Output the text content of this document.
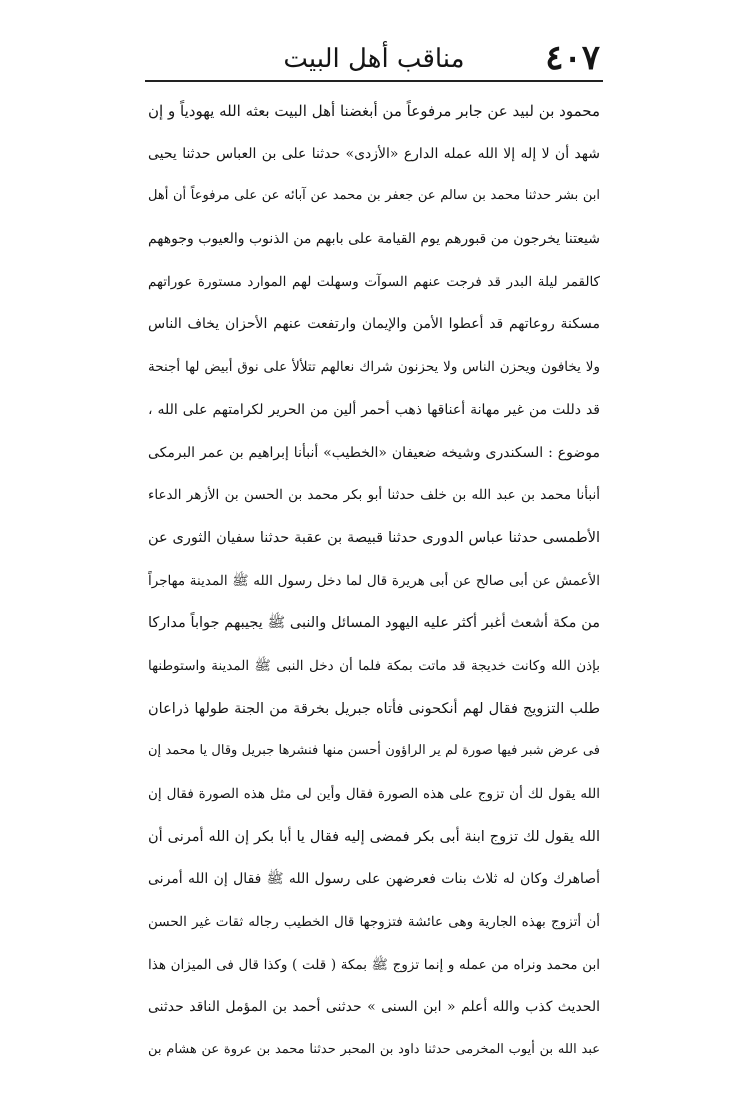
٤٠٧
مناقب أهل البيت
محمود بن لبيد عن جابر مرفوعاً من أبغضنا أهل البيت بعثه الله يهودياً و إن
شهد أن لا إله إلا الله عمله الدارع «الأزدى» حدثنا على بن العباس حدثنا يحيى
ابن بشر حدثنا محمد بن سالم عن جعفر بن محمد عن آبائه عن على مرفوعاً أن أهل
شيعتنا يخرجون من قبورهم يوم القيامة على بابهم من الذنوب والعيوب وجوههم
كالقمر ليلة البدر قد فرجت عنهم السوآت وسهلت لهم الموارد مستورة عوراتهم
مسكنة روعاتهم قد أعطوا الأمن والإيمان وارتفعت عنهم الأحزان يخاف الناس
ولا يخافون ويحزن الناس ولا يحزنون شراك نعالهم تتلألأ على نوق أبيض لها أجنحة
قد دللت من غير مهانة أعناقها ذهب أحمر ألين من الحرير لكرامتهم على الله ،
موضوع : السكندرى وشيخه ضعيفان «الخطيب» أنبأنا إبراهيم بن عمر البرمكى
أنبأنا محمد بن عبد الله بن خلف حدثنا أبو بكر محمد بن الحسن بن الأزهر الدعاء
الأطمسى حدثنا عباس الدورى حدثنا قبيصة بن عقبة حدثنا سفيان الثورى عن
الأعمش عن أبى صالح عن أبى هريرة قال لما دخل رسول الله ﷺ المدينة مهاجراً
من مكة أشعث أغبر أكثر عليه اليهود المسائل والنبى ﷺ يجيبهم جواباً مداركا
بإذن الله وكانت خديجة قد ماتت بمكة فلما أن دخل النبى ﷺ المدينة واستوطنها
طلب التزويج فقال لهم أنكحونى فأتاه جبريل بخرقة من الجنة طولها ذراعان
فى عرض شبر فيها صورة لم ير الراؤون أحسن منها فنشرها جبريل وقال يا محمد إن
الله يقول لك أن تزوج على هذه الصورة فقال وأين لى مثل هذه الصورة فقال إن
الله يقول لك تزوج ابنة أبى بكر فمضى إليه فقال يا أبا بكر إن الله أمرنى أن
أصاهرك وكان له ثلاث بنات فعرضهن على رسول الله ﷺ فقال إن الله أمرنى
أن أتزوج بهذه الجارية وهى عائشة فتزوجها قال الخطيب رجاله ثقات غير الحسن
ابن محمد ونراه من عمله و إنما تزوج ﷺ بمكة ( قلت ) وكذا قال فى الميزان هذا
الحديث كذب والله أعلم « ابن السنى » حدثنى أحمد بن المؤمل الناقد حدثنى
عبد الله بن أيوب المخرمى حدثنا داود بن المحبر حدثنا محمد بن عروة عن هشام بن
